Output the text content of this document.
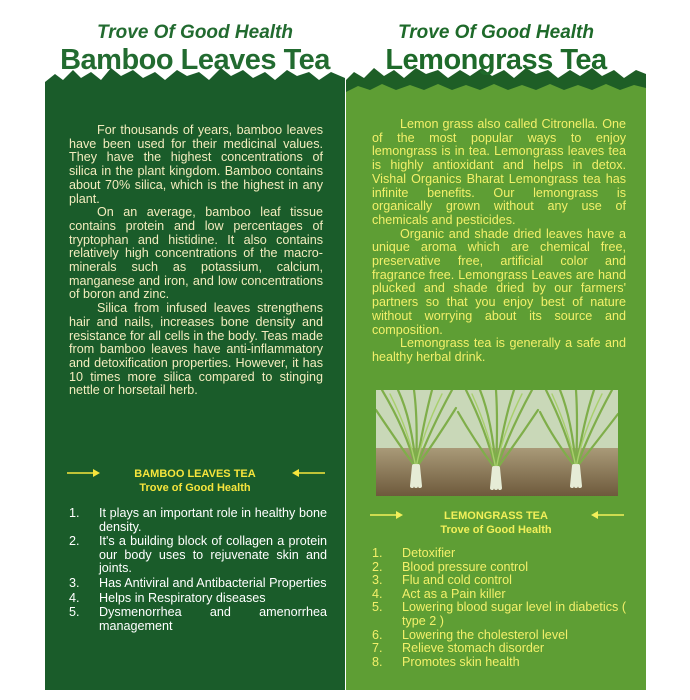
Trove Of Good Health
Bamboo Leaves Tea

For thousands of years, bamboo leaves have been used for their medicinal values. They have the highest concentrations of silica in the plant kingdom. Bamboo contains about 70% silica, which is the highest in any plant.

On an average, bamboo leaf tissue contains protein and low percentages of tryptophan and histidine. It also contains relatively high concentrations of the macro-minerals such as potassium, calcium, manganese and iron, and low concentrations of boron and zinc.

Silica from infused leaves strengthens hair and nails, increases bone density and resistance for all cells in the body. Teas made from bamboo leaves have anti-inflammatory and detoxification properties. However, it has 10 times more silica compared to stinging nettle or horsetail herb.

BAMBOO LEAVES TEA
Trove of Good Health
1. It plays an important role in healthy bone density.
2. It's a building block of collagen a protein our body uses to rejuvenate skin and joints.
3. Has Antiviral and Antibacterial Properties
4. Helps in Respiratory diseases
5. Dysmenorrhea and amenorrhea management
Trove Of Good Health
Lemongrass Tea

Lemon grass also called Citronella. One of the most popular ways to enjoy lemongrass is in tea. Lemongrass leaves tea is highly antioxidant and helps in detox. Vishal Organics Bharat Lemongrass tea has infinite benefits. Our lemongrass is organically grown without any use of chemicals and pesticides.

Organic and shade dried leaves have a unique aroma which are chemical free, preservative free, artificial color and fragrance free. Lemongrass Leaves are hand plucked and shade dried by our farmers' partners so that you enjoy best of nature without worrying about its source and composition.

Lemongrass tea is generally a safe and healthy herbal drink.

LEMONGRASS TEA
Trove of Good Health
1. Detoxifier
2. Blood pressure control
3. Flu and cold control
4. Act as a Pain killer
5. Lowering blood sugar level in diabetics ( type 2 )
6. Lowering the cholesterol level
7. Relieve stomach disorder
8. Promotes skin health
